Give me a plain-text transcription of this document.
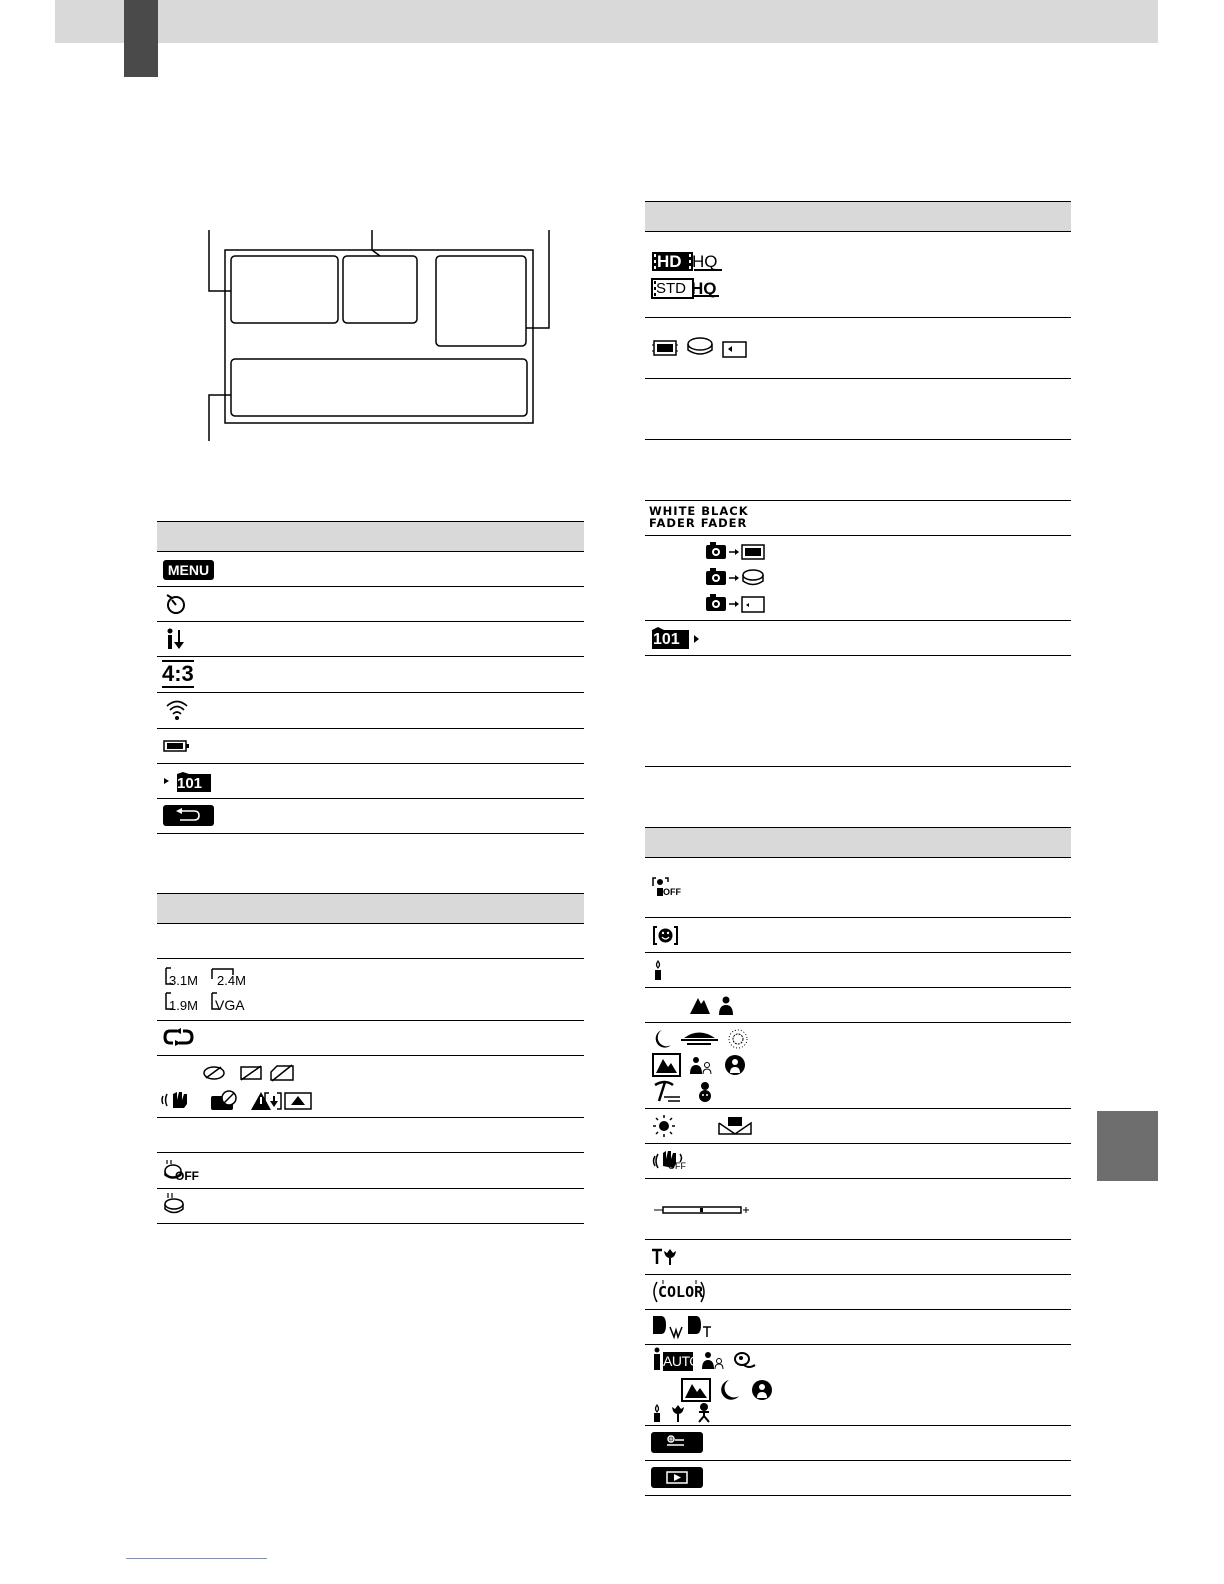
MENU
4:3
101
3.1M 2.4M
1.9M VGA
OFF
HD HQ
STD HQ
WHITE BLACK
FADER FADER
101
OFF
OFF
COLOR
AUTO
